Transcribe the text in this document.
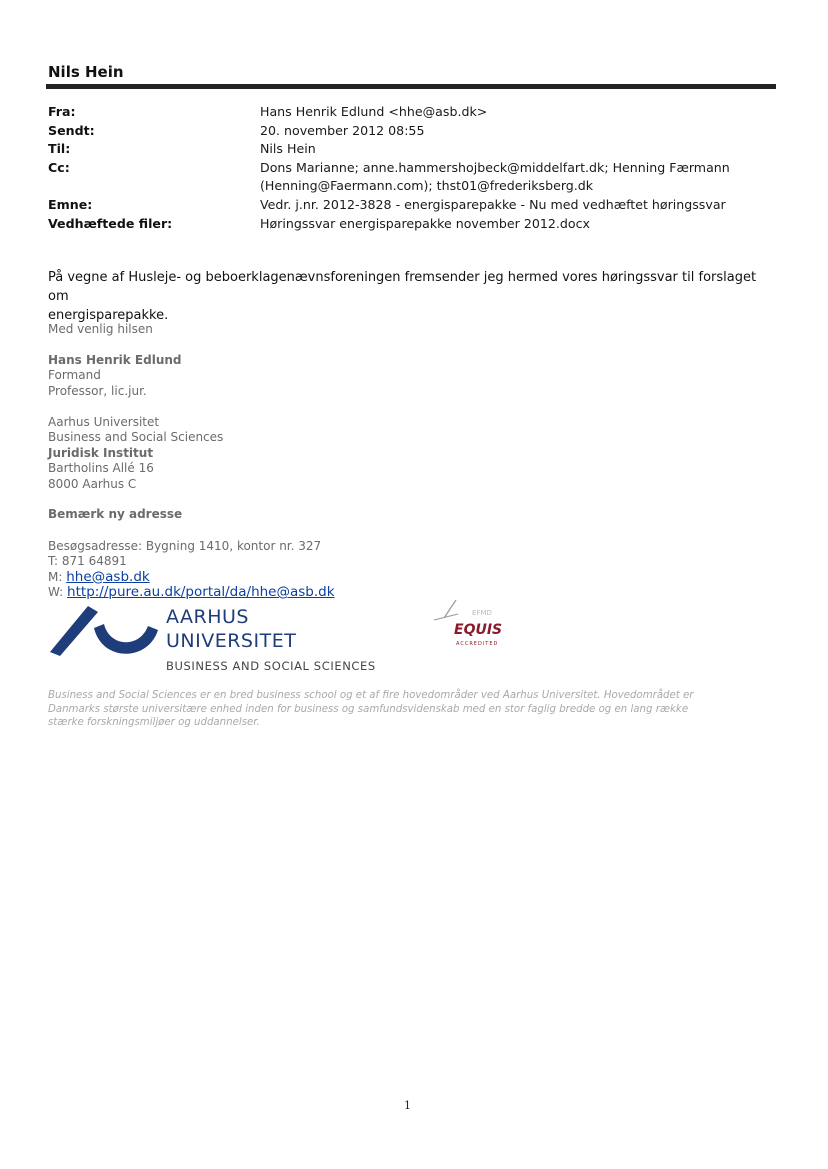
Nils Hein
Fra:	Hans Henrik Edlund <hhe@asb.dk>
Sendt:	20. november 2012 08:55
Til:	Nils Hein
Cc:	Dons Marianne; anne.hammershojbeck@middelfart.dk; Henning Færmann
(Henning@Faermann.com); thst01@frederiksberg.dk
Emne:	Vedr. j.nr. 2012-3828 - energisparepakke - Nu med vedhæftet høringssvar
Vedhæftede filer:	Høringssvar energisparepakke november 2012.docx
På vegne af Husleje- og beboerklagenævnsforeningen fremsender jeg hermed vores høringssvar til forslaget om
energisparepakke.
Med venlig hilsen
Hans Henrik Edlund
Formand
Professor, lic.jur.
Aarhus Universitet
Business and Social Sciences
Juridisk Institut
Bartholins Allé 16
8000 Aarhus C
Bemærk ny adresse
Besøgsadresse: Bygning 1410, kontor nr. 327
T: 871 64891
M: hhe@asb.dk
W: http://pure.au.dk/portal/da/hhe@asb.dk
AARHUS
UNIVERSITET
BUSINESS AND SOCIAL SCIENCES
EFMD
EQUIS
ACCREDITED
Business and Social Sciences er en bred business school og et af fire hovedområder ved Aarhus Universitet. Hovedområdet er
Danmarks største universitære enhed inden for business og samfundsvidenskab med en stor faglig bredde og en lang række
stærke forskningsmiljøer og uddannelser.
1
